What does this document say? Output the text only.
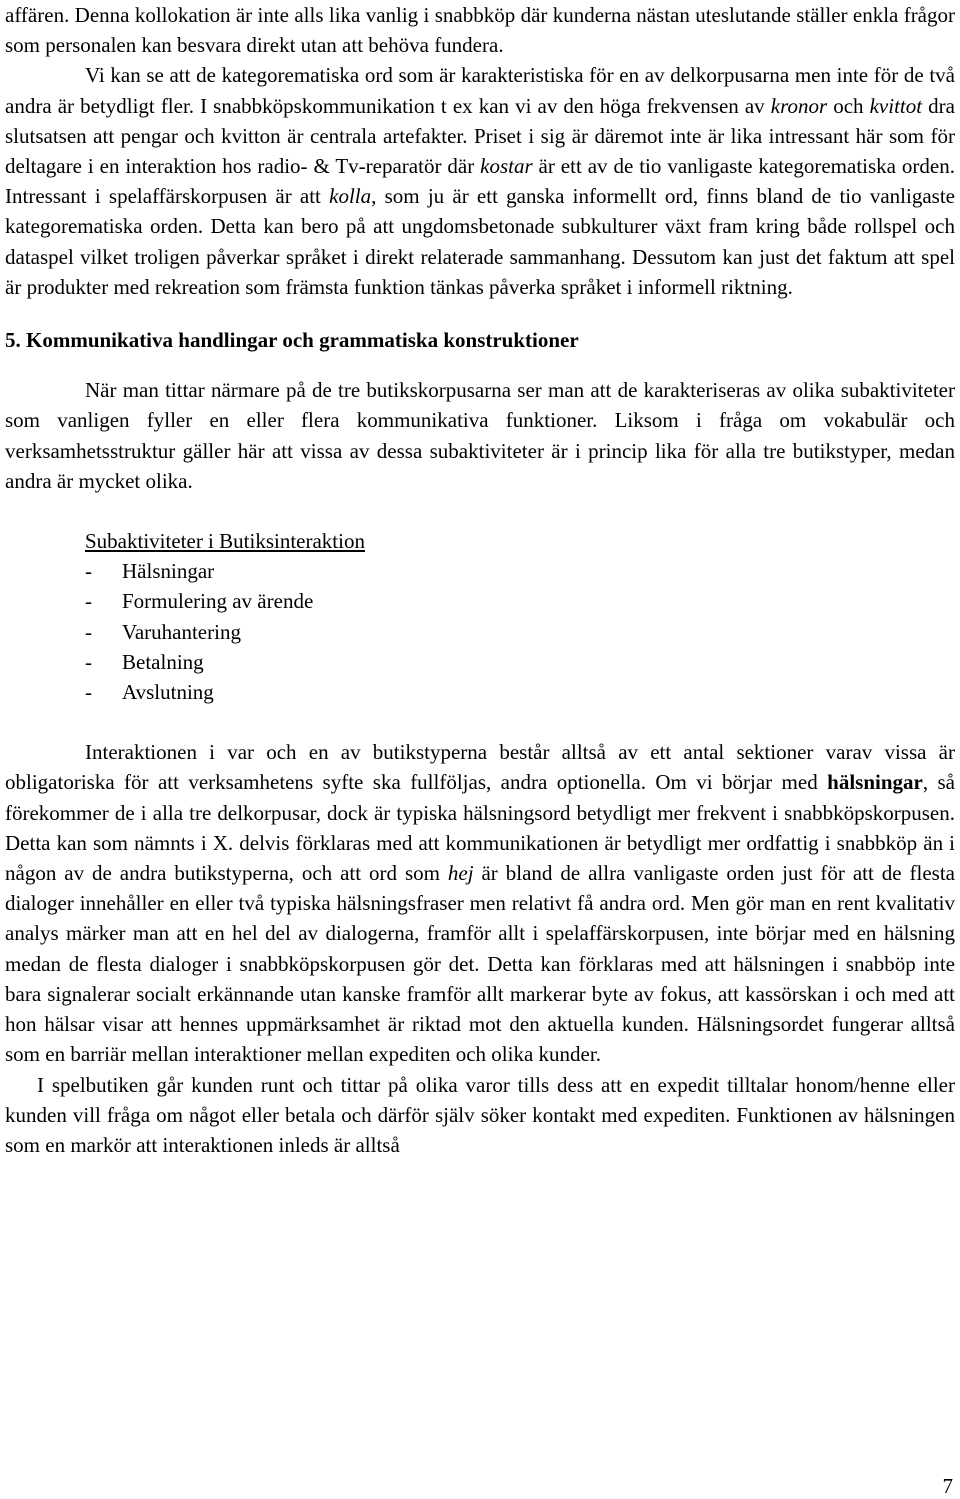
affären. Denna kollokation är inte alls lika vanlig i snabbköp där kunderna nästan uteslutande ställer enkla frågor som personalen kan besvara direkt utan att behöva fundera.

Vi kan se att de kategorematiska ord som är karakteristiska för en av delkorpusarna men inte för de två andra är betydligt fler. I snabbköpskommunikation t ex kan vi av den höga frekvensen av kronor och kvittot dra slutsatsen att pengar och kvitton är centrala artefakter. Priset i sig är däremot inte är lika intressant här som för deltagare i en interaktion hos radio- & Tv-reparatör där kostar är ett av de tio vanligaste kategorematiska orden. Intressant i spelaffärskorpusen är att kolla, som ju är ett ganska informellt ord, finns bland de tio vanligaste kategorematiska orden. Detta kan bero på att ungdomsbetonade subkulturer växt fram kring både rollspel och dataspel vilket troligen påverkar språket i direkt relaterade sammanhang. Dessutom kan just det faktum att spel är produkter med rekreation som främsta funktion tänkas påverka språket i informell riktning.

5. Kommunikativa handlingar och grammatiska konstruktioner

När man tittar närmare på de tre butikskorpusarna ser man att de karakteriseras av olika subaktiviteter som vanligen fyller en eller flera kommunikativa funktioner. Liksom i fråga om vokabulär och verksamhetsstruktur gäller här att vissa av dessa subaktiviteter är i princip lika för alla tre butikstyper, medan andra är mycket olika.

Subaktiviteter i Butiksinteraktion
- Hälsningar
- Formulering av ärende
- Varuhantering
- Betalning
- Avslutning

Interaktionen i var och en av butikstyperna består alltså av ett antal sektioner varav vissa är obligatoriska för att verksamhetens syfte ska fullföljas, andra optionella. Om vi börjar med hälsningar, så förekommer de i alla tre delkorpusar, dock är typiska hälsningsord betydligt mer frekvent i snabbköpskorpusen. Detta kan som nämnts i X. delvis förklaras med att kommunikationen är betydligt mer ordfattig i snabbköp än i någon av de andra butikstyperna, och att ord som hej är bland de allra vanligaste orden just för att de flesta dialoger innehåller en eller två typiska hälsningsfraser men relativt få andra ord. Men gör man en rent kvalitativ analys märker man att en hel del av dialogerna, framför allt i spelaffärskorpusen, inte börjar med en hälsning medan de flesta dialoger i snabbköpskorpusen gör det. Detta kan förklaras med att hälsningen i snabböp inte bara signalerar socialt erkännande utan kanske framför allt markerar byte av fokus, att kassörskan i och med att hon hälsar visar att hennes uppmärksamhet är riktad mot den aktuella kunden. Hälsningsordet fungerar alltså som en barriär mellan interaktioner mellan expediten och olika kunder.

I spelbutiken går kunden runt och tittar på olika varor tills dess att en expedit tilltalar honom/henne eller kunden vill fråga om något eller betala och därför själv söker kontakt med expediten. Funktionen av hälsningen som en markör att interaktionen inleds är alltså

7
